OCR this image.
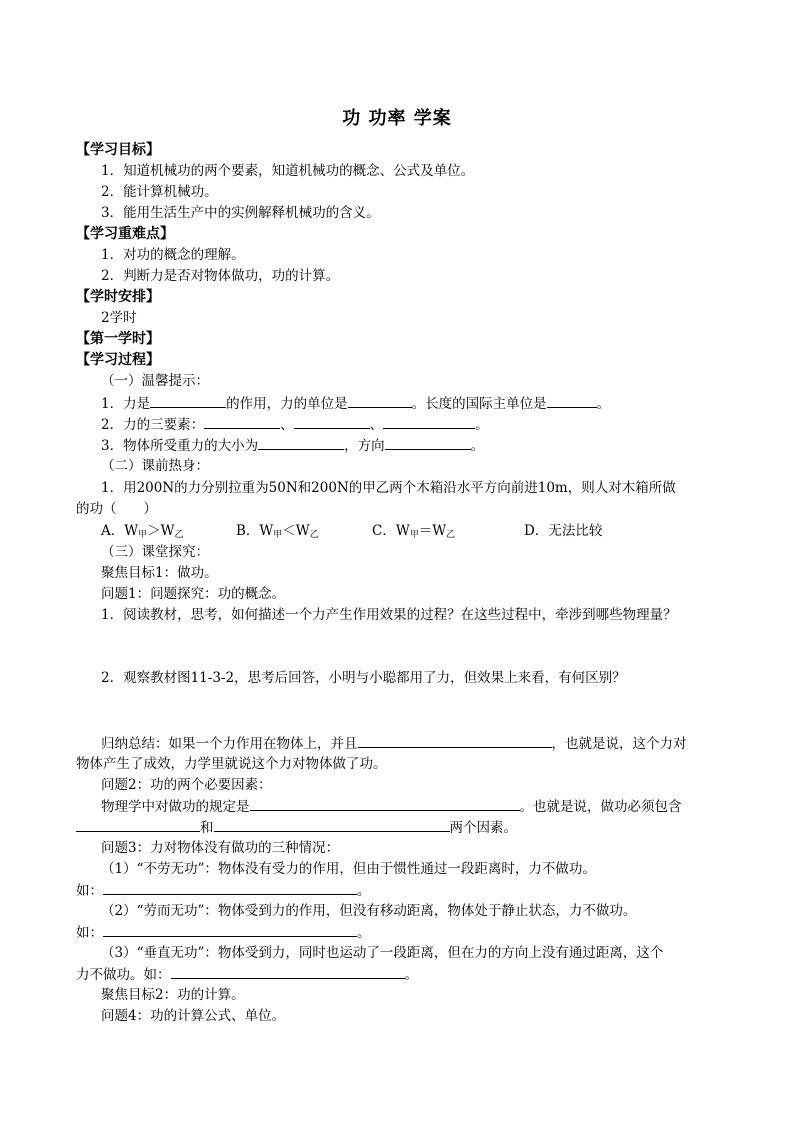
功 功率 学案
【学习目标】
1．知道机械功的两个要素，知道机械功的概念、公式及单位。
2．能计算机械功。
3．能用生活生产中的实例解释机械功的含义。
【学习重难点】
1．对功的概念的理解。
2．判断力是否对物体做功，功的计算。
【学时安排】
2学时
【第一学时】
【学习过程】
（一）温馨提示：
1．力是	的作用，力的单位是	。长度的国际主单位是	。
2．力的三要素：	、	、	。
3．物体所受重力的大小为	，方向	。
（二）课前热身：
1．用200N的力分别拉重为50N和200N的甲乙两个木箱沿水平方向前进10m，则人对木箱所做
的功（　　）
A．$W_甲>W_乙$	B．$W_甲<W_乙$	C．$W_甲=W_乙$	D．无法比较
（三）课堂探究：
聚焦目标1：做功。
问题1：问题探究：功的概念。
1．阅读教材，思考，如何描述一个力产生作用效果的过程？在这些过程中，牵涉到哪些物理量？
2．观察教材图11-3-2，思考后回答，小明与小聪都用了力，但效果上来看，有何区别？
归纳总结：如果一个力作用在物体上，并且	，也就是说，这个力对
物体产生了成效，力学里就说这个力对物体做了功。
问题2：功的两个必要因素：
物理学中对做功的规定是	。也就是说，做功必须包含
和	两个因素。
问题3：力对物体没有做功的三种情况：
（1）“不劳无功”：物体没有受力的作用，但由于惯性通过一段距离时，力不做功。
如：	。
（2）“劳而无功”：物体受到力的作用，但没有移动距离，物体处于静止状态，力不做功。
如：	。
（3）“垂直无功”：物体受到力，同时也运动了一段距离，但在力的方向上没有通过距离，这个
力不做功。如：	。
聚焦目标2：功的计算。
问题4：功的计算公式、单位。
